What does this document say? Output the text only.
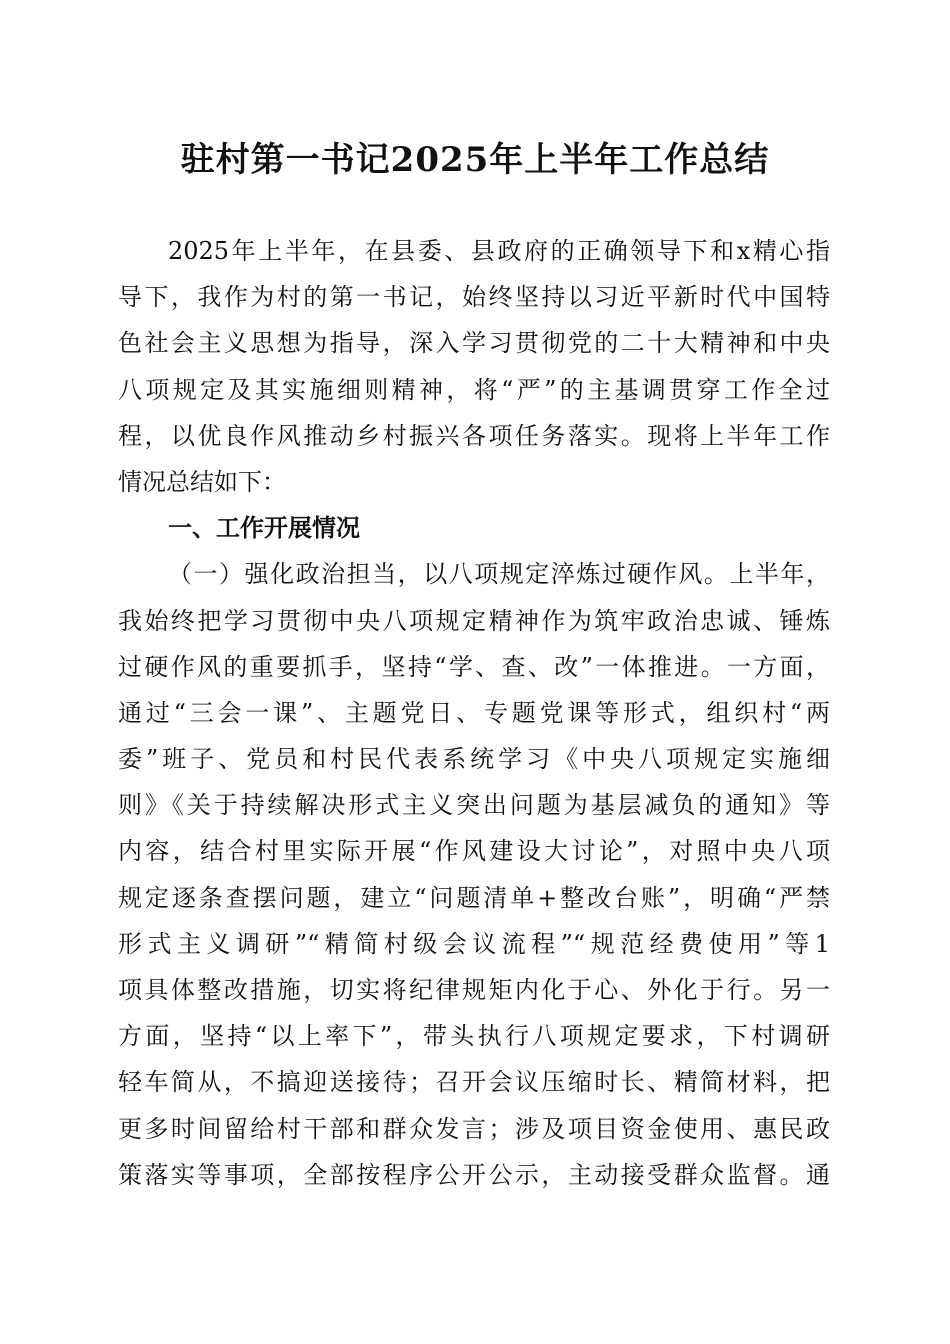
驻村第一书记2025年上半年工作总结
2025年上半年，在县委、县政府的正确领导下和x精心指
导下，我作为村的第一书记，始终坚持以习近平新时代中国特
色社会主义思想为指导，深入学习贯彻党的二十大精神和中央
八项规定及其实施细则精神，将“严”的主基调贯穿工作全过
程，以优良作风推动乡村振兴各项任务落实。现将上半年工作
情况总结如下：
一、工作开展情况
（一）强化政治担当，以八项规定淬炼过硬作风。上半年，
我始终把学习贯彻中央八项规定精神作为筑牢政治忠诚、锤炼
过硬作风的重要抓手，坚持“学、查、改”一体推进。一方面，
通过“三会一课”、主题党日、专题党课等形式，组织村“两
委”班子、党员和村民代表系统学习《中央八项规定实施细
则》《关于持续解决形式主义突出问题为基层减负的通知》等
内容，结合村里实际开展“作风建设大讨论”，对照中央八项
规定逐条查摆问题，建立“问题清单+整改台账”，明确“严禁
形式主义调研”“精简村级会议流程”“规范经费使用”等1
项具体整改措施，切实将纪律规矩内化于心、外化于行。另一
方面，坚持“以上率下”，带头执行八项规定要求，下村调研
轻车简从，不搞迎送接待；召开会议压缩时长、精简材料，把
更多时间留给村干部和群众发言；涉及项目资金使用、惠民政
策落实等事项，全部按程序公开公示，主动接受群众监督。通
